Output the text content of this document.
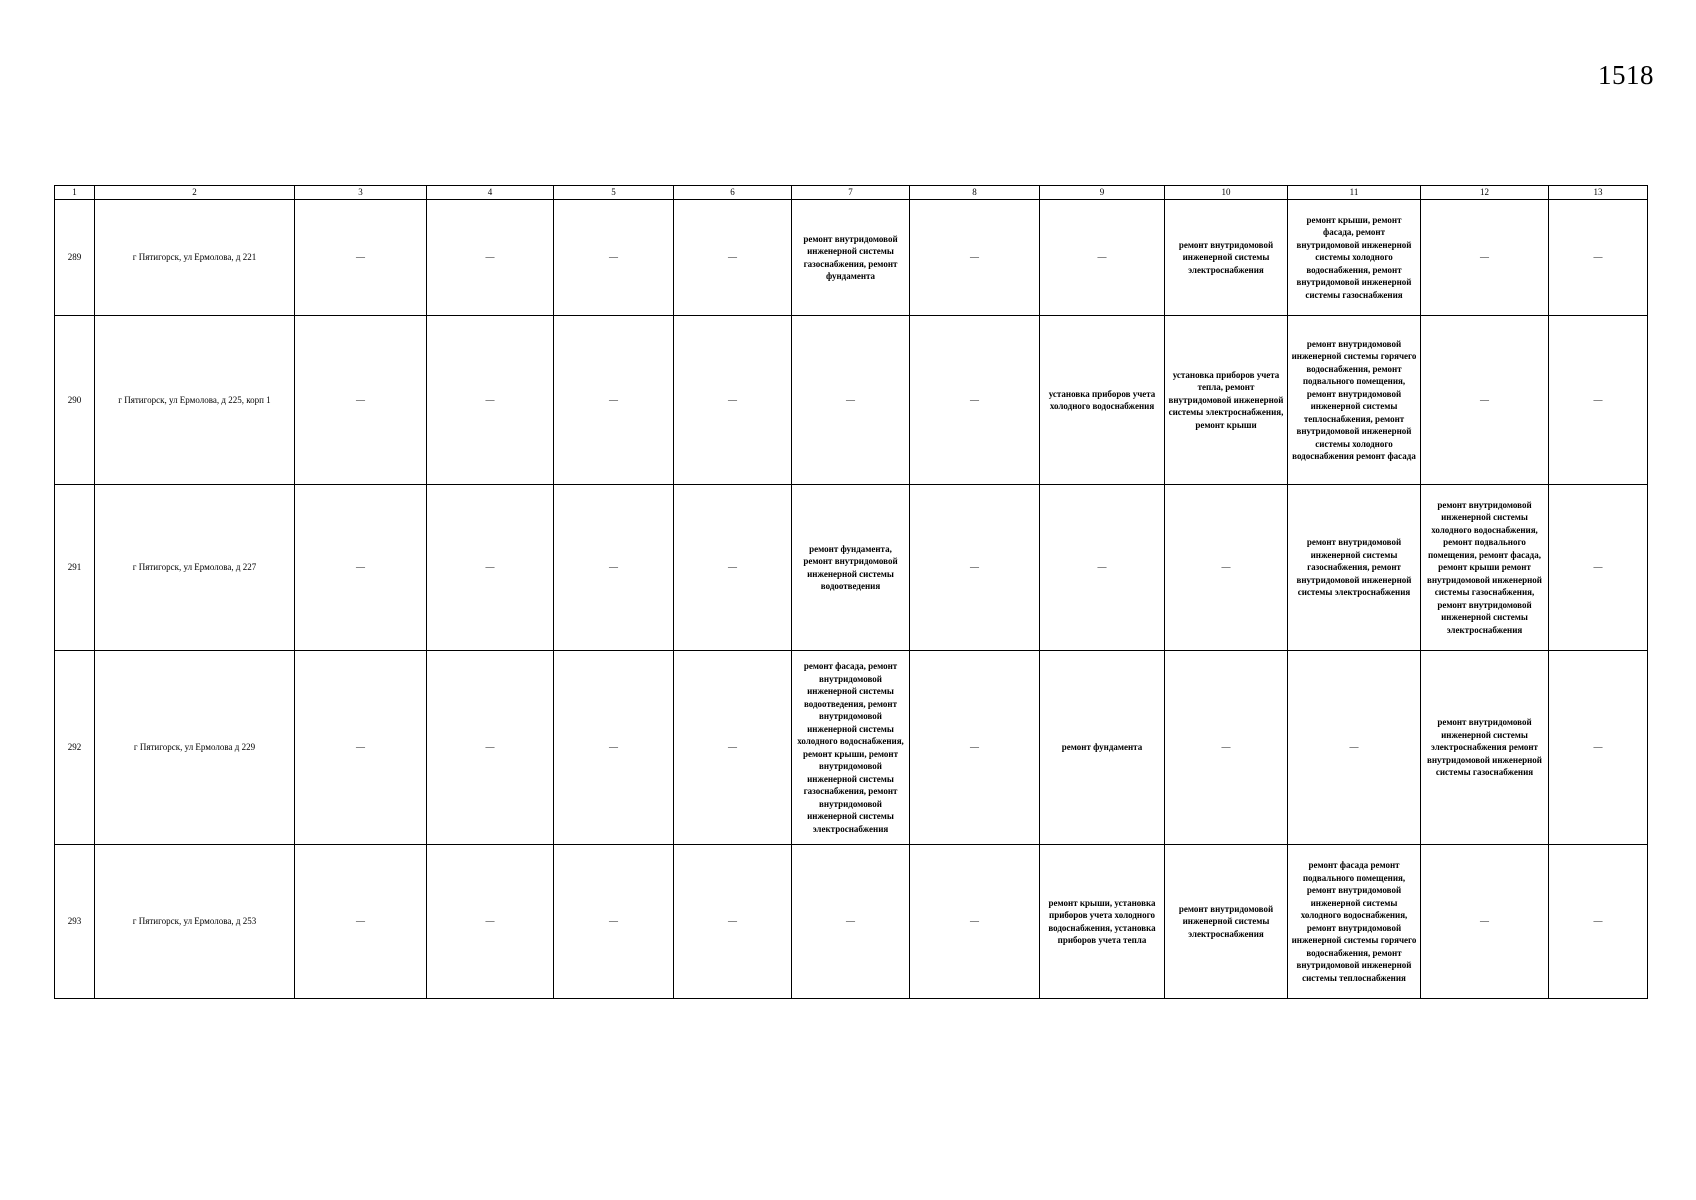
1518
1	2	3	4	5	6	7	8	9	10	11	12	13
289	г Пятигорск, ул Ермолова, д 221	—	—	—	—	ремонт внутридомовой инженерной системы газоснабжения, ремонт фундамента	—	—	ремонт внутридомовой инженерной системы электроснабжения	ремонт крыши, ремонт фасада, ремонт внутридомовой инженерной системы холодного водоснабжения, ремонт внутридомовой инженерной системы газоснабжения	—	—
290	г Пятигорск, ул Ермолова, д 225, корп 1	—	—	—	—	—	—	установка приборов учета холодного водоснабжения	установка приборов учета тепла, ремонт внутридомовой инженерной системы электроснабжения, ремонт крыши	ремонт внутридомовой инженерной системы горячего водоснабжения, ремонт подвального помещения, ремонт внутридомовой инженерной системы теплоснабжения, ремонт внутридомовой инженерной системы холодного водоснабжения ремонт фасада	—	—
291	г Пятигорск, ул Ермолова, д 227	—	—	—	—	ремонт фундамента, ремонт внутридомовой инженерной системы водоотведения	—	—	—	ремонт внутридомовой инженерной системы газоснабжения, ремонт внутридомовой инженерной системы электроснабжения	ремонт внутридомовой инженерной системы холодного водоснабжения, ремонт подвального помещения, ремонт фасада, ремонт крыши ремонт внутридомовой инженерной системы газоснабжения, ремонт внутридомовой инженерной системы электроснабжения	—
292	г Пятигорск, ул Ермолова д 229	—	—	—	—	ремонт фасада, ремонт внутридомовой инженерной системы водоотведения, ремонт внутридомовой инженерной системы холодного водоснабжения, ремонт крыши, ремонт внутридомовой инженерной системы газоснабжения, ремонт внутридомовой инженерной системы электроснабжения	—	ремонт фундамента	—	—	ремонт внутридомовой инженерной системы электроснабжения ремонт внутридомовой инженерной системы газоснабжения	—
293	г Пятигорск, ул Ермолова, д 253	—	—	—	—	—	—	ремонт крыши, установка приборов учета холодного водоснабжения, установка приборов учета тепла	ремонт внутридомовой инженерной системы электроснабжения	ремонт фасада ремонт подвального помещения, ремонт внутридомовой инженерной системы холодного водоснабжения, ремонт внутридомовой инженерной системы горячего водоснабжения, ремонт внутридомовой инженерной системы теплоснабжения	—	—
